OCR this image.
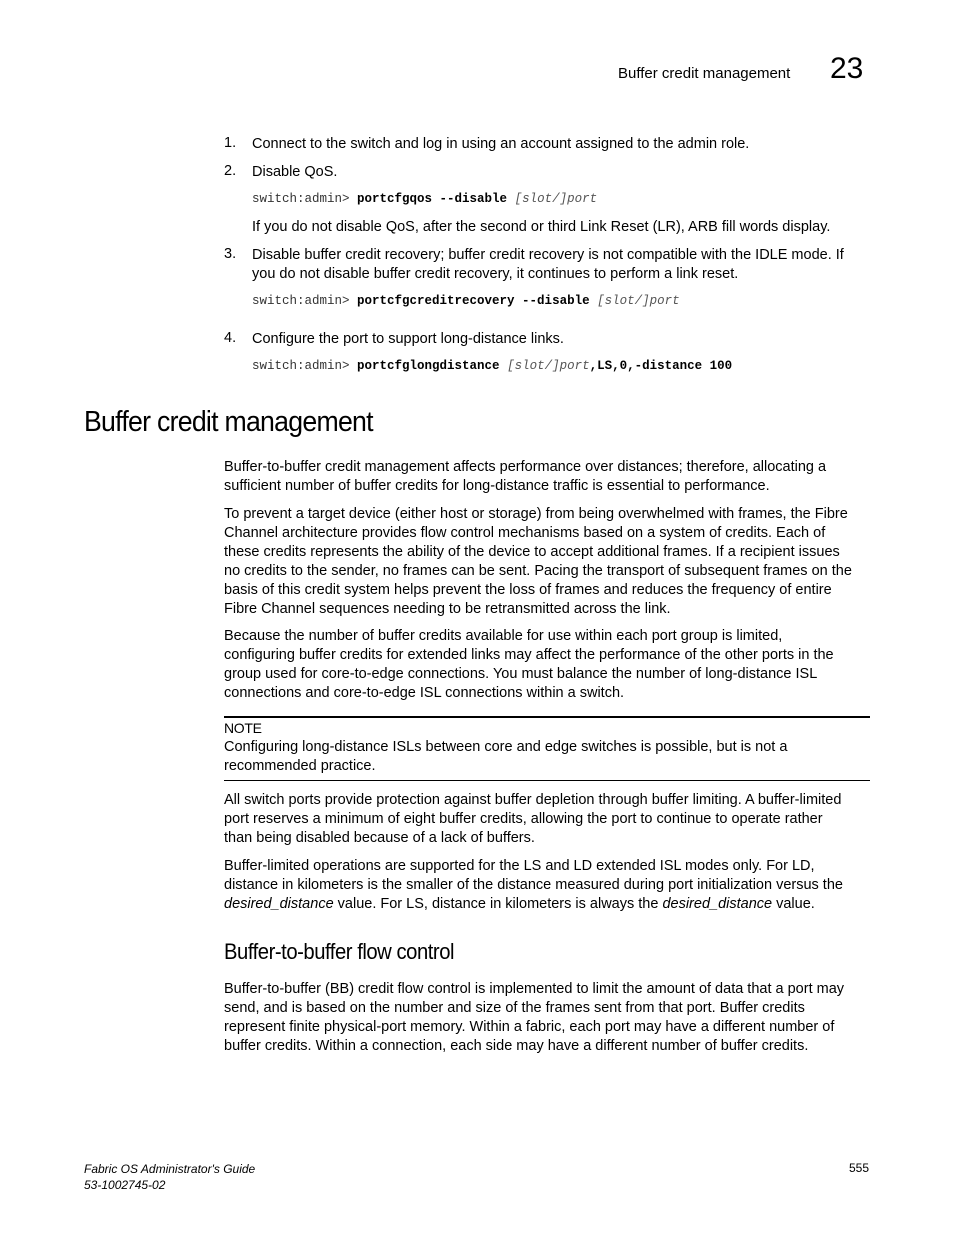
Buffer credit management 23
1. Connect to the switch and log in using an account assigned to the admin role.
2. Disable QoS.
switch:admin> portcfgqos --disable [slot/]port
If you do not disable QoS, after the second or third Link Reset (LR), ARB fill words display.
3. Disable buffer credit recovery; buffer credit recovery is not compatible with the IDLE mode. If
you do not disable buffer credit recovery, it continues to perform a link reset.
switch:admin> portcfgcreditrecovery --disable [slot/]port
4. Configure the port to support long-distance links.
switch:admin> portcfglongdistance [slot/]port,LS,0,-distance 100
Buffer credit management
Buffer-to-buffer credit management affects performance over distances; therefore, allocating a
sufficient number of buffer credits for long-distance traffic is essential to performance.
To prevent a target device (either host or storage) from being overwhelmed with frames, the Fibre
Channel architecture provides flow control mechanisms based on a system of credits. Each of
these credits represents the ability of the device to accept additional frames. If a recipient issues
no credits to the sender, no frames can be sent. Pacing the transport of subsequent frames on the
basis of this credit system helps prevent the loss of frames and reduces the frequency of entire
Fibre Channel sequences needing to be retransmitted across the link.
Because the number of buffer credits available for use within each port group is limited,
configuring buffer credits for extended links may affect the performance of the other ports in the
group used for core-to-edge connections. You must balance the number of long-distance ISL
connections and core-to-edge ISL connections within a switch.
NOTE
Configuring long-distance ISLs between core and edge switches is possible, but is not a
recommended practice.
All switch ports provide protection against buffer depletion through buffer limiting. A buffer-limited
port reserves a minimum of eight buffer credits, allowing the port to continue to operate rather
than being disabled because of a lack of buffers.
Buffer-limited operations are supported for the LS and LD extended ISL modes only. For LD,
distance in kilometers is the smaller of the distance measured during port initialization versus the
desired_distance value. For LS, distance in kilometers is always the desired_distance value.
Buffer-to-buffer flow control
Buffer-to-buffer (BB) credit flow control is implemented to limit the amount of data that a port may
send, and is based on the number and size of the frames sent from that port. Buffer credits
represent finite physical-port memory. Within a fabric, each port may have a different number of
buffer credits. Within a connection, each side may have a different number of buffer credits.
Fabric OS Administrator's Guide
53-1002745-02
555
